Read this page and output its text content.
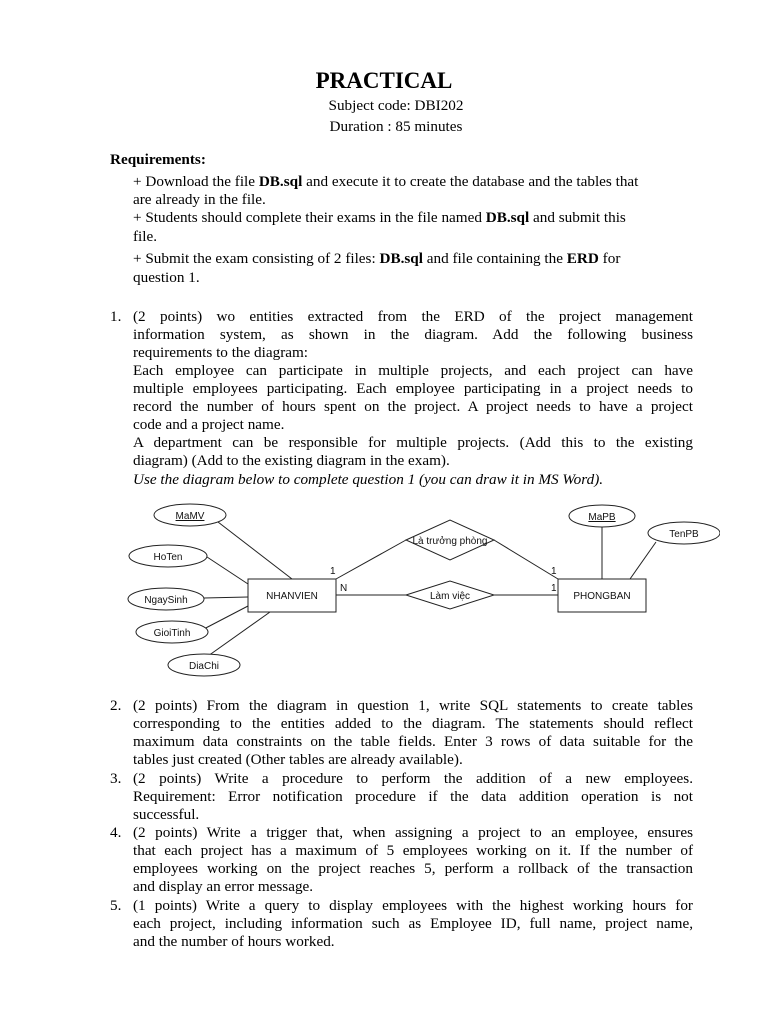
PRACTICAL
Subject code: DBI202
Duration : 85 minutes
Requirements:
+ Download the file DB.sql and execute it to create the database and the tables that
are already in the file.
+ Students should complete their exams in the file named DB.sql and submit this
file.
+ Submit the exam consisting of 2 files: DB.sql and file containing the ERD for
question 1.
1. (2 points) wo entities extracted from the ERD of the project management
information system, as shown in the diagram. Add the following business
requirements to the diagram:
Each employee can participate in multiple projects, and each project can have
multiple employees participating. Each employee participating in a project needs to
record the number of hours spent on the project. A project needs to have a project
code and a project name.
A department can be responsible for multiple projects. (Add this to the existing
diagram) (Add to the existing diagram in the exam).
Use the diagram below to complete question 1 (you can draw it in MS Word).
MaMV
HoTen
NgaySinh
GioiTinh
DiaChi
MaPB
TenPB
Là trưởng phòng
Làm việc
NHANVIEN	PHONGBAN
1	1
N	1
2. (2 points) From the diagram in question 1, write SQL statements to create tables
corresponding to the entities added to the diagram. The statements should reflect
maximum data constraints on the table fields. Enter 3 rows of data suitable for the
tables just created (Other tables are already available).
3. (2 points) Write a procedure to perform the addition of a new employees.
Requirement: Error notification procedure if the data addition operation is not
successful.
4. (2 points) Write a trigger that, when assigning a project to an employee, ensures
that each project has a maximum of 5 employees working on it. If the number of
employees working on the project reaches 5, perform a rollback of the transaction
and display an error message.
5. (1 points) Write a query to display employees with the highest working hours for
each project, including information such as Employee ID, full name, project name,
and the number of hours worked.
